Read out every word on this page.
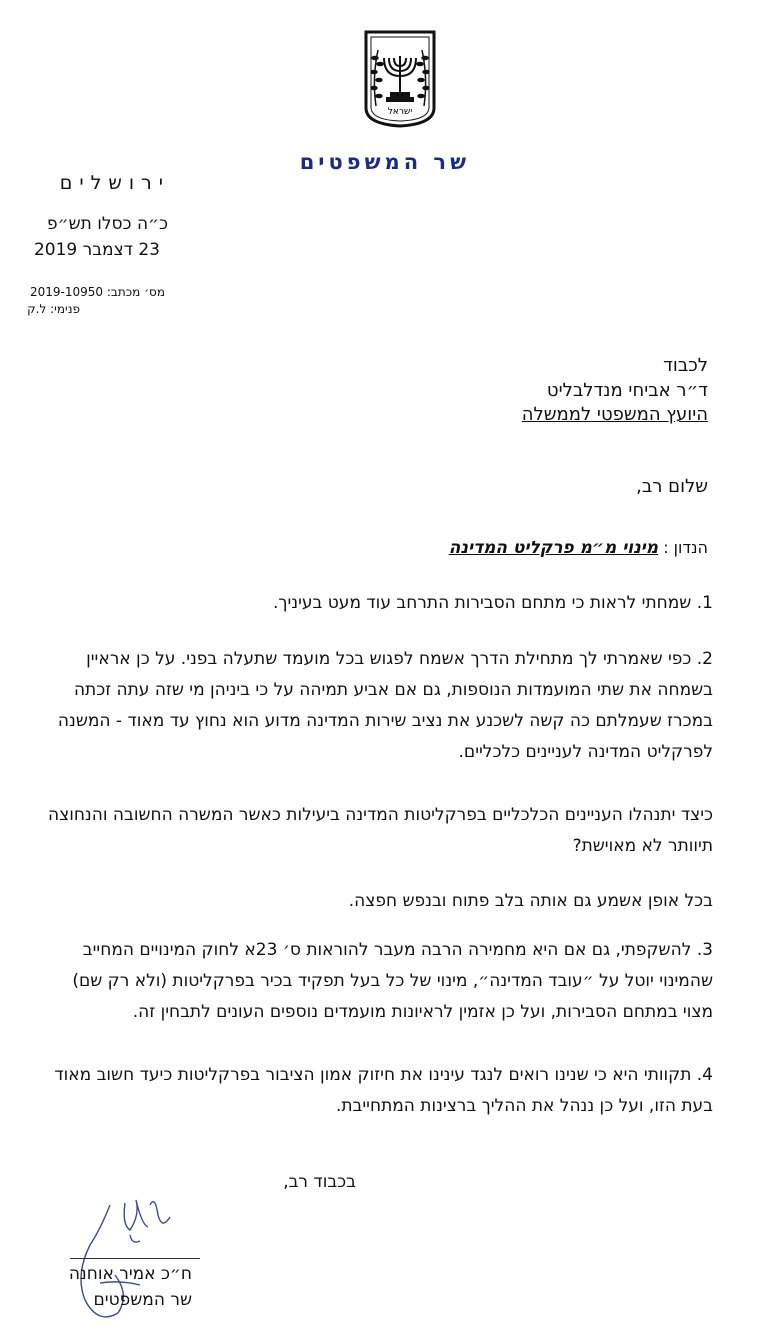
ישראל
שר המשפטים
ירושלים
כ״ה כסלו תש״פ
23 דצמבר 2019
מס׳ מכתב: 2019-10950
פנימי: ל.ק
לכבוד
ד״ר אביחי מנדלבליט
היועץ המשפטי לממשלה
שלום רב,
הנדון : מינוי מ״מ פרקליט המדינה
1. שמחתי לראות כי מתחם הסבירות התרחב עוד מעט בעיניך.
2. כפי שאמרתי לך מתחילת הדרך אשמח לפגוש בכל מועמד שתעלה בפני. על כן אראיין בשמחה את שתי המועמדות הנוספות, גם אם אביע תמיהה על כי ביניהן מי שזה עתה זכתה במכרז שעמלתם כה קשה לשכנע את נציב שירות המדינה מדוע הוא נחוץ עד מאוד - המשנה לפרקליט המדינה לעניינים כלכליים.
כיצד יתנהלו העניינים הכלכליים בפרקליטות המדינה ביעילות כאשר המשרה החשובה והנחוצה תיוותר לא מאוישת?
בכל אופן אשמע גם אותה בלב פתוח ובנפש חפצה.
3. להשקפתי, גם אם היא מחמירה הרבה מעבר להוראות ס׳ 23א לחוק המינויים המחייב שהמינוי יוטל על ״עובד המדינה״, מינוי של כל בעל תפקיד בכיר בפרקליטות (ולא רק שם) מצוי במתחם הסבירות, ועל כן אזמין לראיונות מועמדים נוספים העונים לתבחין זה.
4. תקוותי היא כי שנינו רואים לנגד עינינו את חיזוק אמון הציבור בפרקליטות כיעד חשוב מאוד בעת הזו, ועל כן ננהל את ההליך ברצינות המתחייבת.
בכבוד רב,
ח״כ אמיר אוחנה
שר המשפטים
